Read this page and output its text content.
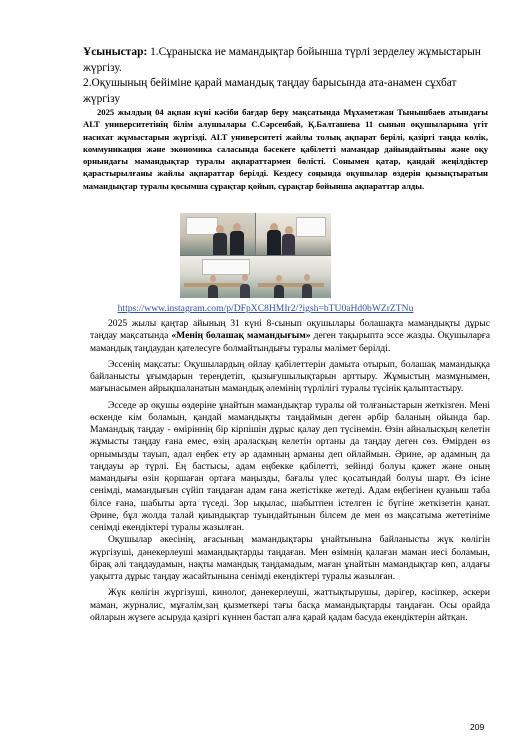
Ұсыныстар: 1.Сұраныска ие мамандықтар бойынша түрлі зерделеу жұмыстарын жүргізу.

2.Оқушының бейіміне қарай мамандық таңдау барысында ата-анамен сұхбат жүргізу

2025 жылдың 04 ақпан күні кәсіби бағдар беру мақсатында Мұхаметжан Тынышбаев атындағы ALT университетінің білім алушылары С.Сәрсенбай, Қ.Балташева 11 сынып оқушыларына үгіт насихат жұмыстарын жүргізді. ALT университеті жайлы толық ақпарат берілі, қазіргі таңда көлік, коммуникация және экономика саласында бәсекеге қабілетті мамандар дайындайтыны және оқу орнындағы мамандықтар туралы ақпараттармен бөлісті. Сонымен қатар, қандай жеңілдіктер қарастырылғаны жайлы ақпараттар берілді. Кездесу соңында оқушылар өздерін қызықтыратын мамандықтар туралы қосымша сұрақтар қойып, сұрақтар бойынша ақпараттар алды.

https://www.instagram.com/p/DFpXC8HMIr2/?igsh=bTU0aHd0bWZrZTNu

2025 жылы қаңтар айының 31 күні 8-сынып оқушылары болашақта мамандықты дұрыс таңдау мақсатында «Менің болашақ мамандығым» деген тақырыпта эссе жазды. Оқушыларға мамандық таңдаудан қателесуге болмайтындығы туралы мәлімет берілді.

Эссенің мақсаты: Оқушылардың ойлау қабілеттерін дамыта отырып, болашақ мамандыққа байланысты ұғымдарын тереңдетіп, қызығушылықтарын арттыру. Жұмыстың мазмұнымен, мағынасымен айрықшаланатын мамандық әлемінің түрлілігі туралы түсінік қалыптастыру.

Эсседе әр оқушы өздеріне ұнайтын мамандықтар туралы ой толғаныстарын жеткізген. Мені өскенде кім боламын, қандай мамандықты таңдаймын деген әрбір баланың ойында бар. Мамандық таңдау - өміріннің бір кірпішін дұрыс қалау деп түсінемін. Өзін айналысқың келетін жұмысты таңдау ғана емес, өзің араласқың келетін ортаны да таңдау деген сөз. Өмірден өз орнымызды тауып, адал еңбек ету әр адамның арманы деп ойлаймын. Әрине, әр адамның да таңдауы әр түрлі. Ең бастысы, адам еңбекке қабілетті, зейінді болуы қажет және оның мамандығы өзін қоршаған ортаға маңызды, бағалы үлес қосатындай болуы шарт. Өз ісіне сенімді, мамандығын сүйіп таңдаған адам ғана жетістікке жетеді. Адам еңбегінен қуаныш таба білсе ғана, шабыты арта түседі. Зор ықылас, шабытпен істелген іс бүгіне жеткізетін қанат. Әрине, бұл жолда талай қиындықтар туындайтынын білсем де мен өз мақсатыма жететініме сенімді екендіктері туралы жазылған.

Оқушылар әкесінің, ағасының мамандықтары ұнайтынына байланысты жүк көлігін жүргізуші, дәнекерлеуші мамандықтарды таңдаған. Мен өзімнің қалаған маман иесі боламын, бірақ әлі таңдаудамын, нақты мамандық таңдамадым, маған ұнайтын мамандықтар көп, алдағы уақытта дұрыс таңдау жасайтынына сенімді екендіктері туралы жазылған.

Жүк көлігін жүргізуші, кинолог, дәнекерлеуші, жаттықтырушы, дәрігер, кәсіпкер, әскери маман, журналис, мұғалім,заң қызметкері тағы басқа мамандықтарды таңдаған. Осы орайда ойларын жүзеге асыруда қазіргі күннен бастап алға қарай қадам басуда екендіктерін айтқан.

209
